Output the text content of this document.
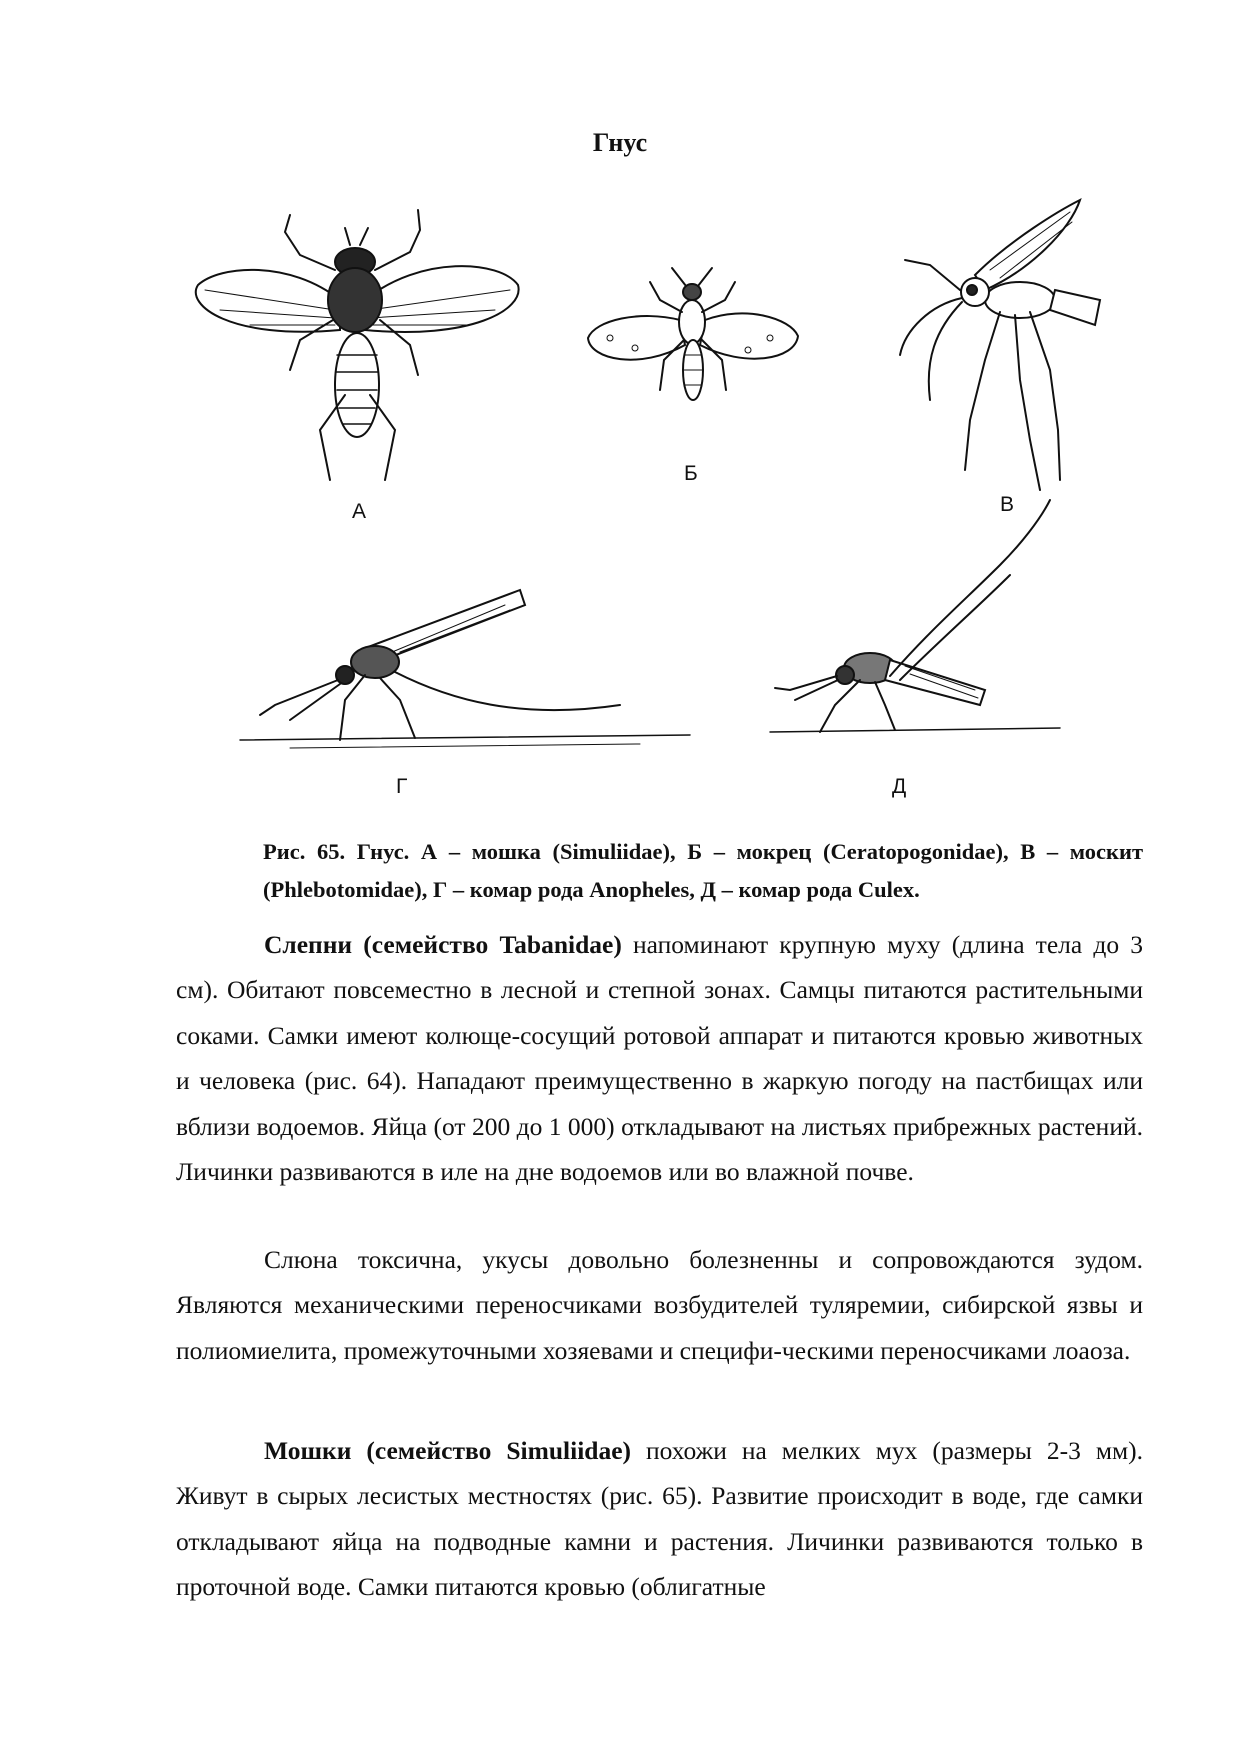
Гнус
А
Б
В
Г	Д
Рис. 65. Гнус. А – мошка (Simuliidae), Б – мокрец (Ceratopogonidae), В – москит (Phlebotomidae), Г – комар рода Anopheles, Д – комар рода Culex.
Слепни (семейство Tabanidae) напоминают крупную муху (длина тела до 3 см). Обитают повсеместно в лесной и степной зонах. Самцы питаются растительными соками. Самки имеют колюще-сосущий ротовой аппарат и питаются кровью животных и человека (рис. 64). Нападают преимущественно в жаркую погоду на пастбищах или вблизи водоемов. Яйца (от 200 до 1 000) откладывают на листьях прибрежных растений. Личинки развиваются в иле на дне водоемов или во влажной почве.
Слюна токсична, укусы довольно болезненны и сопровождаются зудом. Являются механическими переносчиками возбудителей туляремии, сибирской язвы и полиомиелита, промежуточными хозяевами и специфи-ческими переносчиками лоаоза.
Мошки (семейство Simuliidae) похожи на мелких мух (размеры 2-3 мм). Живут в сырых лесистых местностях (рис. 65). Развитие происходит в воде, где самки откладывают яйца на подводные камни и растения. Личинки развиваются только в проточной воде. Самки питаются кровью (облигатные
